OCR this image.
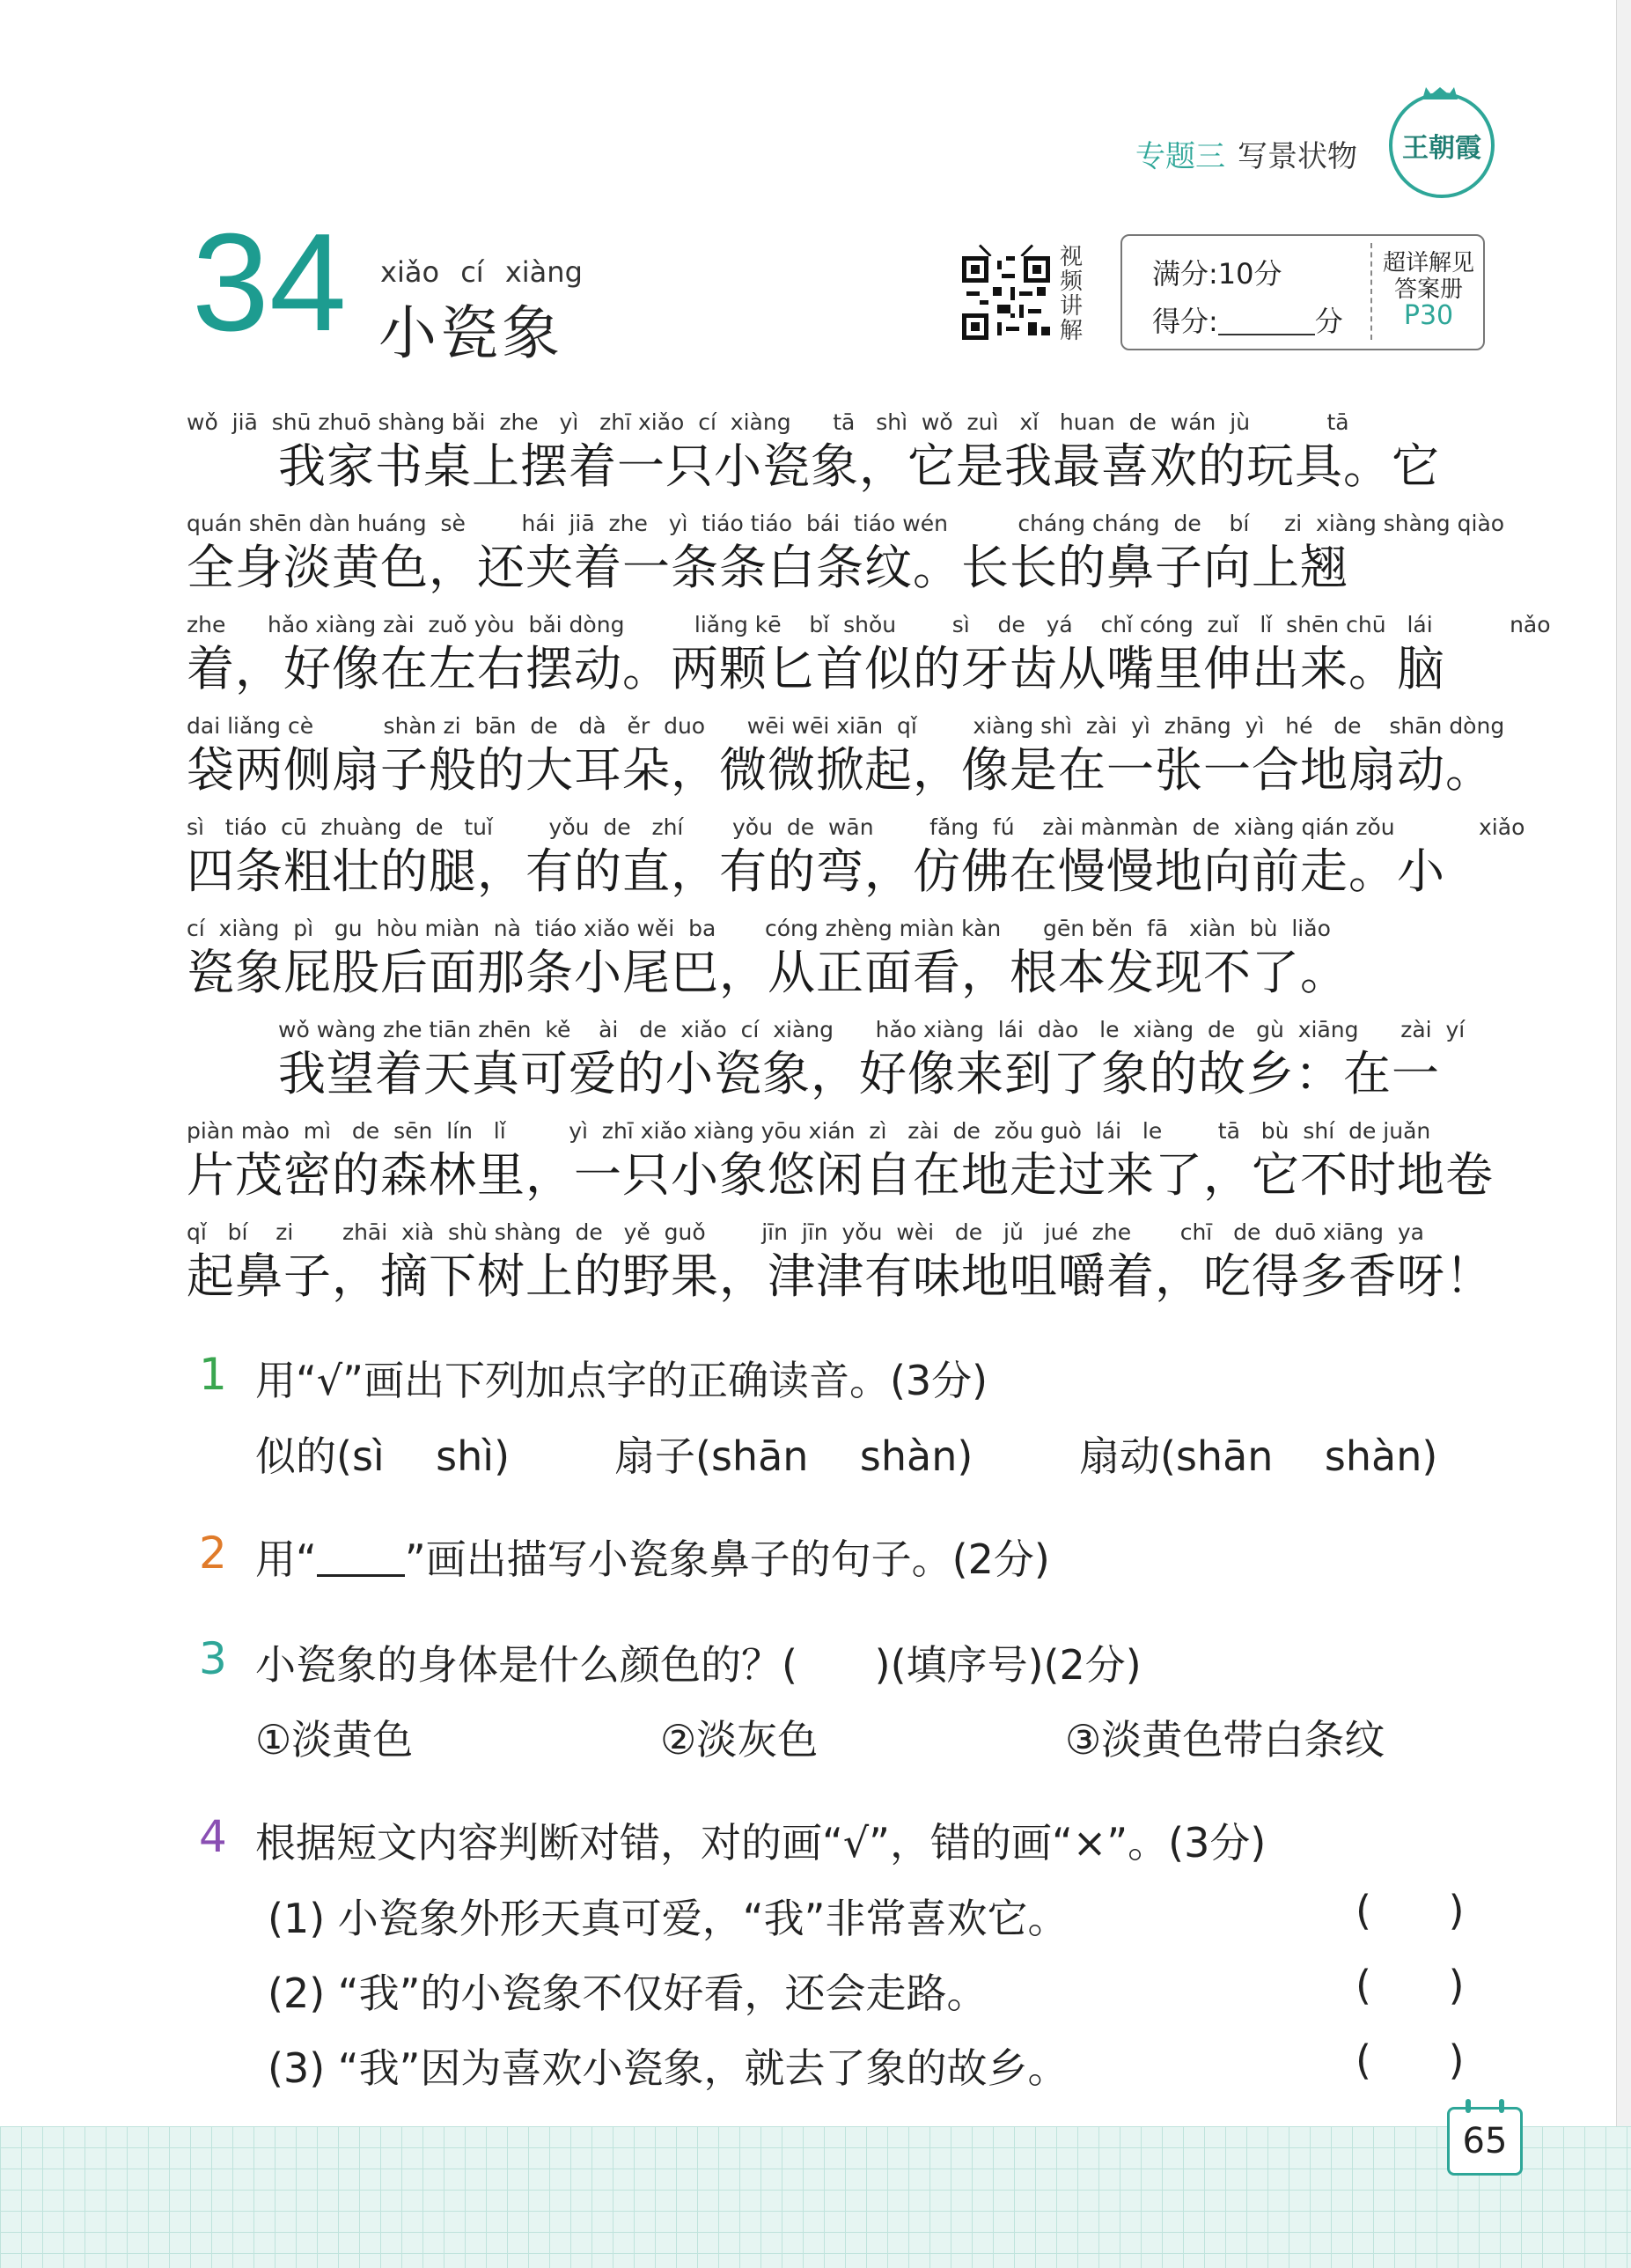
专题三 写景状物 王朝霞
34 xiǎo cí xiàng
小瓷象
视频讲解
满分:10分
得分:	分
超详解见
答案册
P30
wǒ  jiā  shū zhuō shàng bǎi  zhe   yì   zhī xiǎo  cí  xiàng      tā   shì  wǒ  zuì   xǐ   huan  de  wán  jù           tā
我家书桌上摆着一只小瓷象，它是我最喜欢的玩具。它
quán shēn dàn huáng  sè        hái  jiā  zhe   yì  tiáo tiáo  bái  tiáo wén          cháng cháng  de    bí     zi  xiàng shàng qiào
全身淡黄色，还夹着一条条白条纹。长长的鼻子向上翘
zhe      hǎo xiàng zài  zuǒ yòu  bǎi dòng          liǎng kē    bǐ  shǒu        sì    de   yá    chǐ cóng  zuǐ   lǐ  shēn chū   lái           nǎo
着，好像在左右摆动。两颗匕首似的牙齿从嘴里伸出来。脑
dai liǎng cè          shàn zi  bān  de   dà   ěr  duo      wēi wēi xiān  qǐ        xiàng shì  zài  yì  zhāng  yì   hé   de    shān dòng
袋两侧扇子般的大耳朵，微微掀起，像是在一张一合地扇动。
sì   tiáo  cū  zhuàng  de   tuǐ        yǒu  de   zhí       yǒu  de  wān        fǎng  fú    zài mànmàn  de  xiàng qián zǒu            xiǎo
四条粗壮的腿，有的直，有的弯，仿佛在慢慢地向前走。小
cí  xiàng  pì   gu  hòu miàn  nà  tiáo xiǎo wěi  ba       cóng zhèng miàn kàn      gēn běn  fā   xiàn  bù  liǎo
瓷象屁股后面那条小尾巴，从正面看，根本发现不了。
wǒ wàng zhe tiān zhēn  kě    ài   de  xiǎo  cí  xiàng      hǎo xiàng  lái  dào   le  xiàng  de   gù  xiāng      zài  yí
我望着天真可爱的小瓷象，好像来到了象的故乡：在一
piàn mào  mì   de  sēn  lín   lǐ         yì  zhī xiǎo xiàng yōu xián  zì   zài  de  zǒu guò  lái   le        tā   bù  shí  de juǎn
片茂密的森林里，一只小象悠闲自在地走过来了，它不时地卷
qǐ   bí    zi       zhāi  xià  shù shàng  de   yě  guǒ        jīn  jīn  yǒu  wèi   de   jǔ   jué  zhe       chī   de  duō xiāng  ya
起鼻子，摘下树上的野果，津津有味地咀嚼着，吃得多香呀！
1 用“√”画出下列加点字的正确读音。(3分)
似的(sì    shì)	扇子(shān    shàn)	扇动(shān    shàn)
2 用“ ”画出描写小瓷象鼻子的句子。(2分)
3 小瓷象的身体是什么颜色的？(      )(填序号)(2分)
①淡黄色	②淡灰色	③淡黄色带白条纹
4 根据短文内容判断对错，对的画“√”，错的画“×”。(3分)
(1) 小瓷象外形天真可爱，“我”非常喜欢它。	(      )
(2) “我”的小瓷象不仅好看，还会走路。	(      )
(3) “我”因为喜欢小瓷象，就去了象的故乡。	(      )
65
